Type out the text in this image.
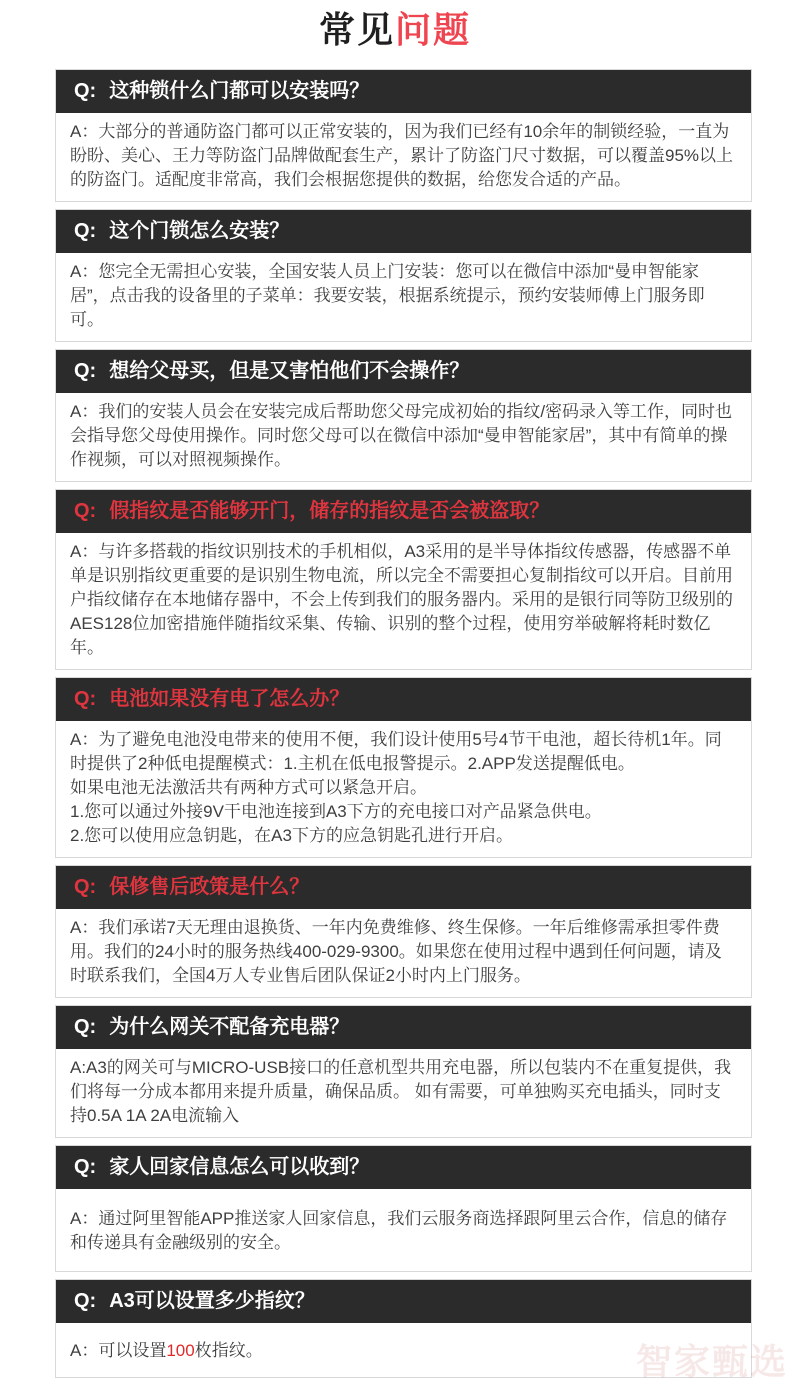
常见问题
Q: 这种锁什么门都可以安装吗？
A：大部分的普通防盗门都可以正常安装的，因为我们已经有10余年的制锁经验，一直为盼盼、美心、王力等防盗门品牌做配套生产，累计了防盗门尺寸数据，可以覆盖95%以上的防盗门。适配度非常高，我们会根据您提供的数据，给您发合适的产品。
Q: 这个门锁怎么安装？
A：您完全无需担心安装，全国安装人员上门安装：您可以在微信中添加“曼申智能家居”，点击我的设备里的子菜单：我要安装，根据系统提示，预约安装师傅上门服务即可。
Q: 想给父母买，但是又害怕他们不会操作？
A：我们的安装人员会在安装完成后帮助您父母完成初始的指纹/密码录入等工作，同时也会指导您父母使用操作。同时您父母可以在微信中添加“曼申智能家居”，其中有简单的操作视频，可以对照视频操作。
Q: 假指纹是否能够开门，储存的指纹是否会被盗取？
A：与许多搭载的指纹识别技术的手机相似，A3采用的是半导体指纹传感器，传感器不单单是识别指纹更重要的是识别生物电流，所以完全不需要担心复制指纹可以开启。目前用户指纹储存在本地储存器中，不会上传到我们的服务器内。采用的是银行同等防卫级别的AES128位加密措施伴随指纹采集、传输、识别的整个过程，使用穷举破解将耗时数亿年。
Q: 电池如果没有电了怎么办？
A：为了避免电池没电带来的使用不便，我们设计使用5号4节干电池，超长待机1年。同时提供了2种低电提醒模式：1.主机在低电报警提示。2.APP发送提醒低电。
如果电池无法激活共有两种方式可以紧急开启。
1.您可以通过外接9V干电池连接到A3下方的充电接口对产品紧急供电。
2.您可以使用应急钥匙，在A3下方的应急钥匙孔进行开启。
Q: 保修售后政策是什么？
A：我们承诺7天无理由退换货、一年内免费维修、终生保修。一年后维修需承担零件费用。我们的24小时的服务热线400-029-9300。如果您在使用过程中遇到任何问题，请及时联系我们，全国4万人专业售后团队保证2小时内上门服务。
Q: 为什么网关不配备充电器？
A:A3的网关可与MICRO-USB接口的任意机型共用充电器，所以包装内不在重复提供，我们将每一分成本都用来提升质量，确保品质。 如有需要，可单独购买充电插头，同时支持0.5A 1A 2A电流输入
Q: 家人回家信息怎么可以收到？
A：通过阿里智能APP推送家人回家信息，我们云服务商选择跟阿里云合作，信息的储存和传递具有金融级别的安全。
Q: A3可以设置多少指纹？
A：可以设置100枚指纹。
